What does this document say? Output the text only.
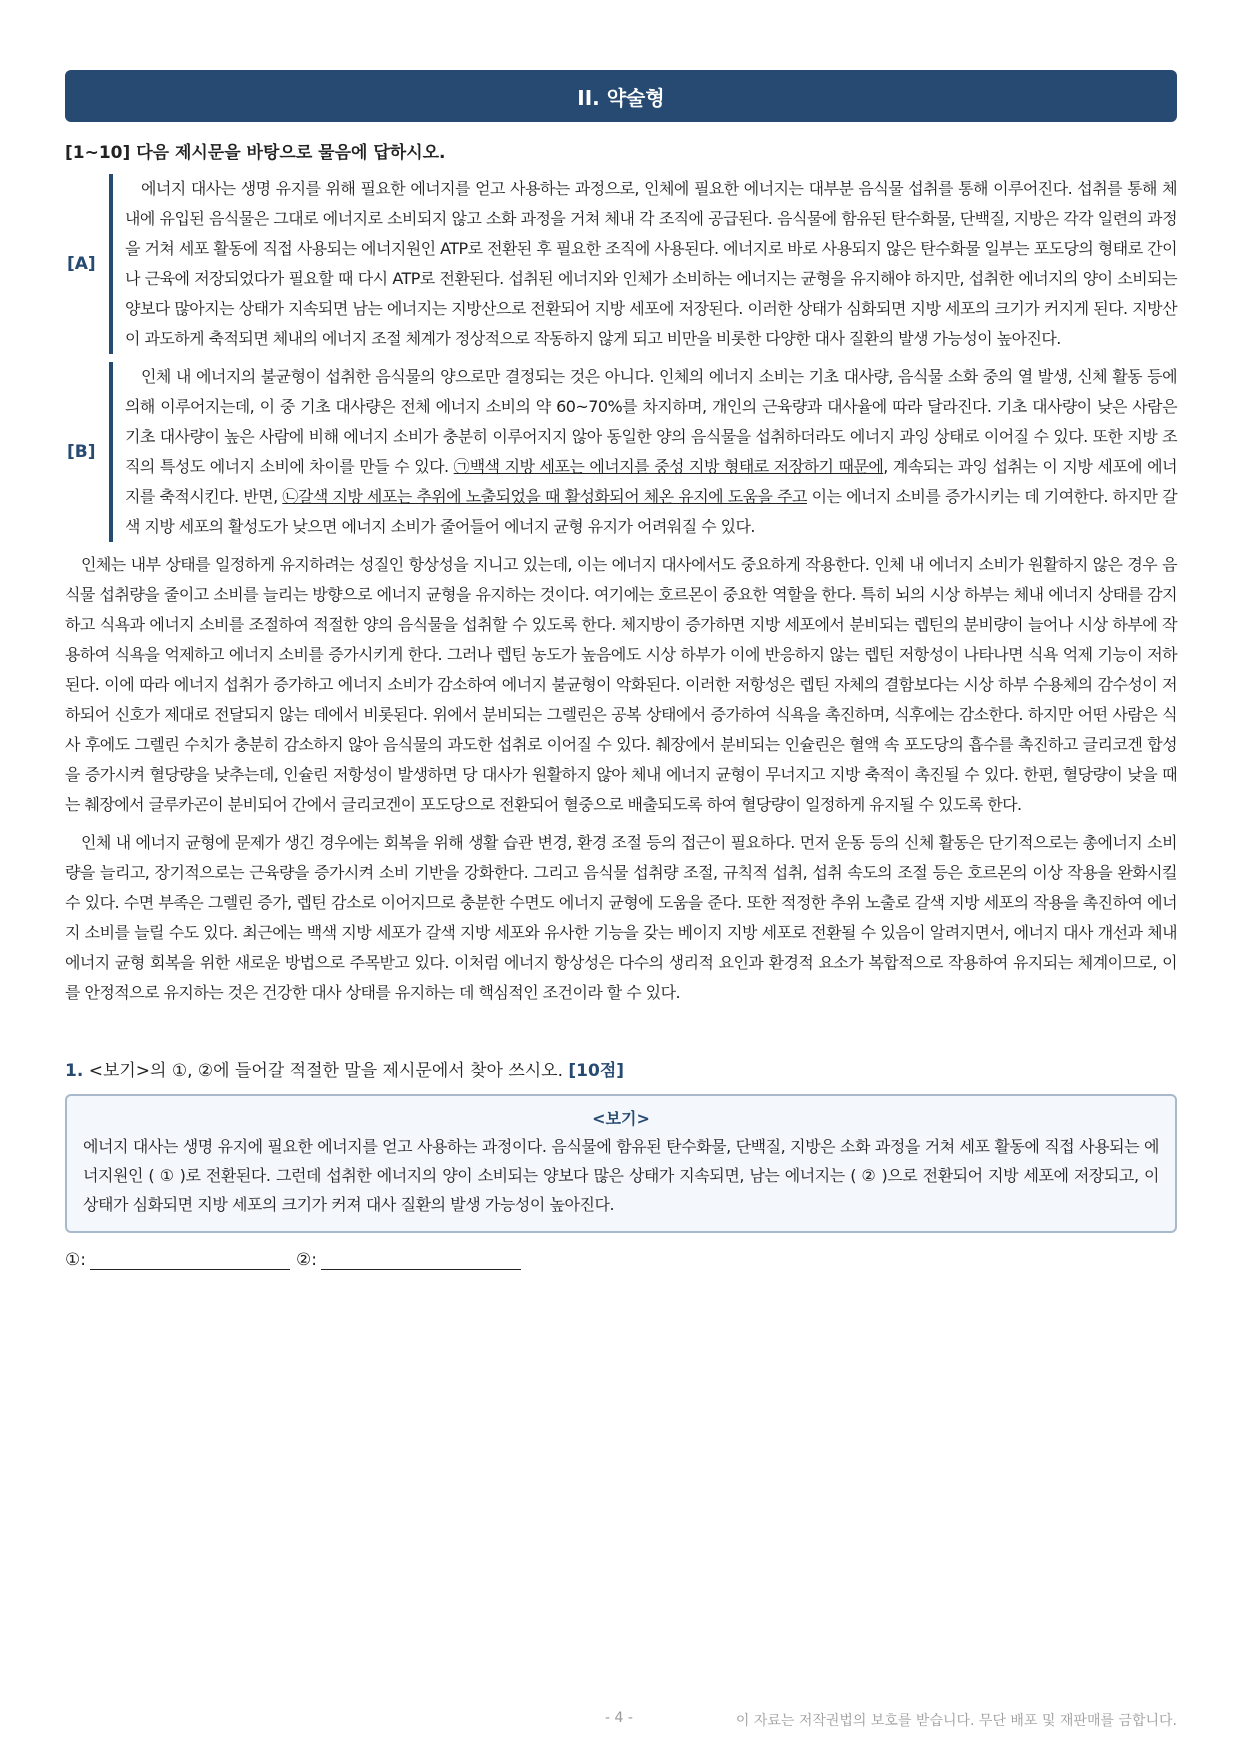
II. 약술형
[1~10] 다음 제시문을 바탕으로 물음에 답하시오.
[A]
에너지 대사는 생명 유지를 위해 필요한 에너지를 얻고 사용하는 과정으로, 인체에 필요한 에너지는 대부분 음식물 섭취를 통해 이루어진다. 섭취를 통해 체내에 유입된 음식물은 그대로 에너지로 소비되지 않고 소화 과정을 거쳐 체내 각 조직에 공급된다. 음식물에 함유된 탄수화물, 단백질, 지방은 각각 일련의 과정을 거쳐 세포 활동에 직접 사용되는 에너지원인 ATP로 전환된 후 필요한 조직에 사용된다. 에너지로 바로 사용되지 않은 탄수화물 일부는 포도당의 형태로 간이나 근육에 저장되었다가 필요할 때 다시 ATP로 전환된다. 섭취된 에너지와 인체가 소비하는 에너지는 균형을 유지해야 하지만, 섭취한 에너지의 양이 소비되는 양보다 많아지는 상태가 지속되면 남는 에너지는 지방산으로 전환되어 지방 세포에 저장된다. 이러한 상태가 심화되면 지방 세포의 크기가 커지게 된다. 지방산이 과도하게 축적되면 체내의 에너지 조절 체계가 정상적으로 작동하지 않게 되고 비만을 비롯한 다양한 대사 질환의 발생 가능성이 높아진다.
[B]
인체 내 에너지의 불균형이 섭취한 음식물의 양으로만 결정되는 것은 아니다. 인체의 에너지 소비는 기초 대사량, 음식물 소화 중의 열 발생, 신체 활동 등에 의해 이루어지는데, 이 중 기초 대사량은 전체 에너지 소비의 약 60~70%를 차지하며, 개인의 근육량과 대사율에 따라 달라진다. 기초 대사량이 낮은 사람은 기초 대사량이 높은 사람에 비해 에너지 소비가 충분히 이루어지지 않아 동일한 양의 음식물을 섭취하더라도 에너지 과잉 상태로 이어질 수 있다. 또한 지방 조직의 특성도 에너지 소비에 차이를 만들 수 있다. ㉠백색 지방 세포는 에너지를 중성 지방 형태로 저장하기 때문에, 계속되는 과잉 섭취는 이 지방 세포에 에너지를 축적시킨다. 반면, ㉡갈색 지방 세포는 추위에 노출되었을 때 활성화되어 체온 유지에 도움을 주고 이는 에너지 소비를 증가시키는 데 기여한다. 하지만 갈색 지방 세포의 활성도가 낮으면 에너지 소비가 줄어들어 에너지 균형 유지가 어려워질 수 있다.
인체는 내부 상태를 일정하게 유지하려는 성질인 항상성을 지니고 있는데, 이는 에너지 대사에서도 중요하게 작용한다. 인체 내 에너지 소비가 원활하지 않은 경우 음식물 섭취량을 줄이고 소비를 늘리는 방향으로 에너지 균형을 유지하는 것이다. 여기에는 호르몬이 중요한 역할을 한다. 특히 뇌의 시상 하부는 체내 에너지 상태를 감지하고 식욕과 에너지 소비를 조절하여 적절한 양의 음식물을 섭취할 수 있도록 한다. 체지방이 증가하면 지방 세포에서 분비되는 렙틴의 분비량이 늘어나 시상 하부에 작용하여 식욕을 억제하고 에너지 소비를 증가시키게 한다. 그러나 렙틴 농도가 높음에도 시상 하부가 이에 반응하지 않는 렙틴 저항성이 나타나면 식욕 억제 기능이 저하된다. 이에 따라 에너지 섭취가 증가하고 에너지 소비가 감소하여 에너지 불균형이 악화된다. 이러한 저항성은 렙틴 자체의 결함보다는 시상 하부 수용체의 감수성이 저하되어 신호가 제대로 전달되지 않는 데에서 비롯된다. 위에서 분비되는 그렐린은 공복 상태에서 증가하여 식욕을 촉진하며, 식후에는 감소한다. 하지만 어떤 사람은 식사 후에도 그렐린 수치가 충분히 감소하지 않아 음식물의 과도한 섭취로 이어질 수 있다. 췌장에서 분비되는 인슐린은 혈액 속 포도당의 흡수를 촉진하고 글리코겐 합성을 증가시켜 혈당량을 낮추는데, 인슐린 저항성이 발생하면 당 대사가 원활하지 않아 체내 에너지 균형이 무너지고 지방 축적이 촉진될 수 있다. 한편, 혈당량이 낮을 때는 췌장에서 글루카곤이 분비되어 간에서 글리코겐이 포도당으로 전환되어 혈중으로 배출되도록 하여 혈당량이 일정하게 유지될 수 있도록 한다.
인체 내 에너지 균형에 문제가 생긴 경우에는 회복을 위해 생활 습관 변경, 환경 조절 등의 접근이 필요하다. 먼저 운동 등의 신체 활동은 단기적으로는 총에너지 소비량을 늘리고, 장기적으로는 근육량을 증가시켜 소비 기반을 강화한다. 그리고 음식물 섭취량 조절, 규칙적 섭취, 섭취 속도의 조절 등은 호르몬의 이상 작용을 완화시킬 수 있다. 수면 부족은 그렐린 증가, 렙틴 감소로 이어지므로 충분한 수면도 에너지 균형에 도움을 준다. 또한 적정한 추위 노출로 갈색 지방 세포의 작용을 촉진하여 에너지 소비를 늘릴 수도 있다. 최근에는 백색 지방 세포가 갈색 지방 세포와 유사한 기능을 갖는 베이지 지방 세포로 전환될 수 있음이 알려지면서, 에너지 대사 개선과 체내 에너지 균형 회복을 위한 새로운 방법으로 주목받고 있다. 이처럼 에너지 항상성은 다수의 생리적 요인과 환경적 요소가 복합적으로 작용하여 유지되는 체계이므로, 이를 안정적으로 유지하는 것은 건강한 대사 상태를 유지하는 데 핵심적인 조건이라 할 수 있다.
1. <보기>의 ①, ②에 들어갈 적절한 말을 제시문에서 찾아 쓰시오. [10점]
<보기>
에너지 대사는 생명 유지에 필요한 에너지를 얻고 사용하는 과정이다. 음식물에 함유된 탄수화물, 단백질, 지방은 소화 과정을 거쳐 세포 활동에 직접 사용되는 에너지원인 ( ① )로 전환된다. 그런데 섭취한 에너지의 양이 소비되는 양보다 많은 상태가 지속되면, 남는 에너지는 ( ② )으로 전환되어 지방 세포에 저장되고, 이 상태가 심화되면 지방 세포의 크기가 커져 대사 질환의 발생 가능성이 높아진다.
①:	②:
- 4 -	이 자료는 저작권법의 보호를 받습니다. 무단 배포 및 재판매를 금합니다.
